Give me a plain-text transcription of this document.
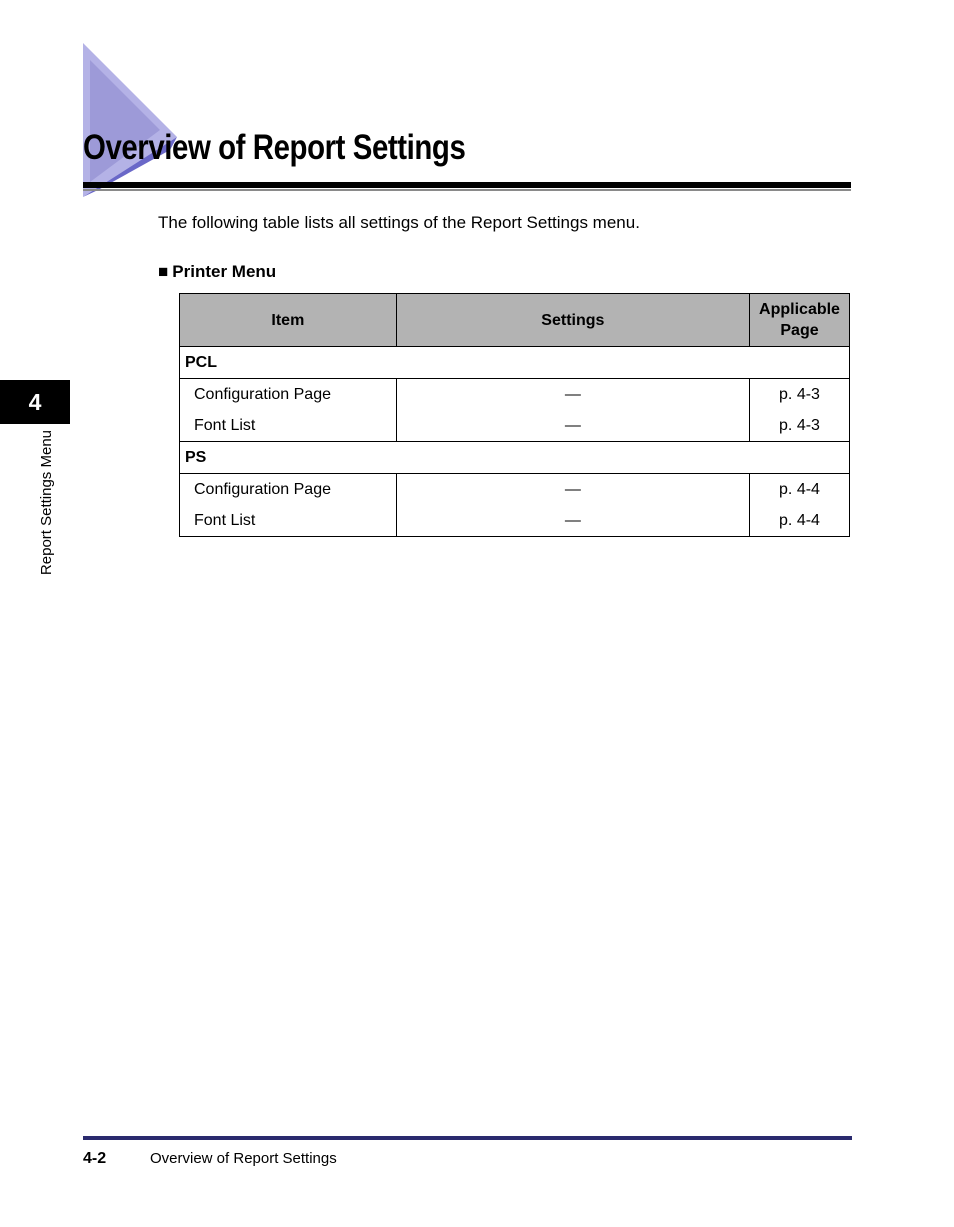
Overview of Report Settings

The following table lists all settings of the Report Settings menu.

■ Printer Menu
Item	Settings	Applicable
Page
PCL		
Configuration Page	—	p. 4-3
Font List	—	p. 4-3
PS		
Configuration Page	—	p. 4-4
Font List	—	p. 4-4
4
Report Settings Menu
4-2	Overview of Report Settings
